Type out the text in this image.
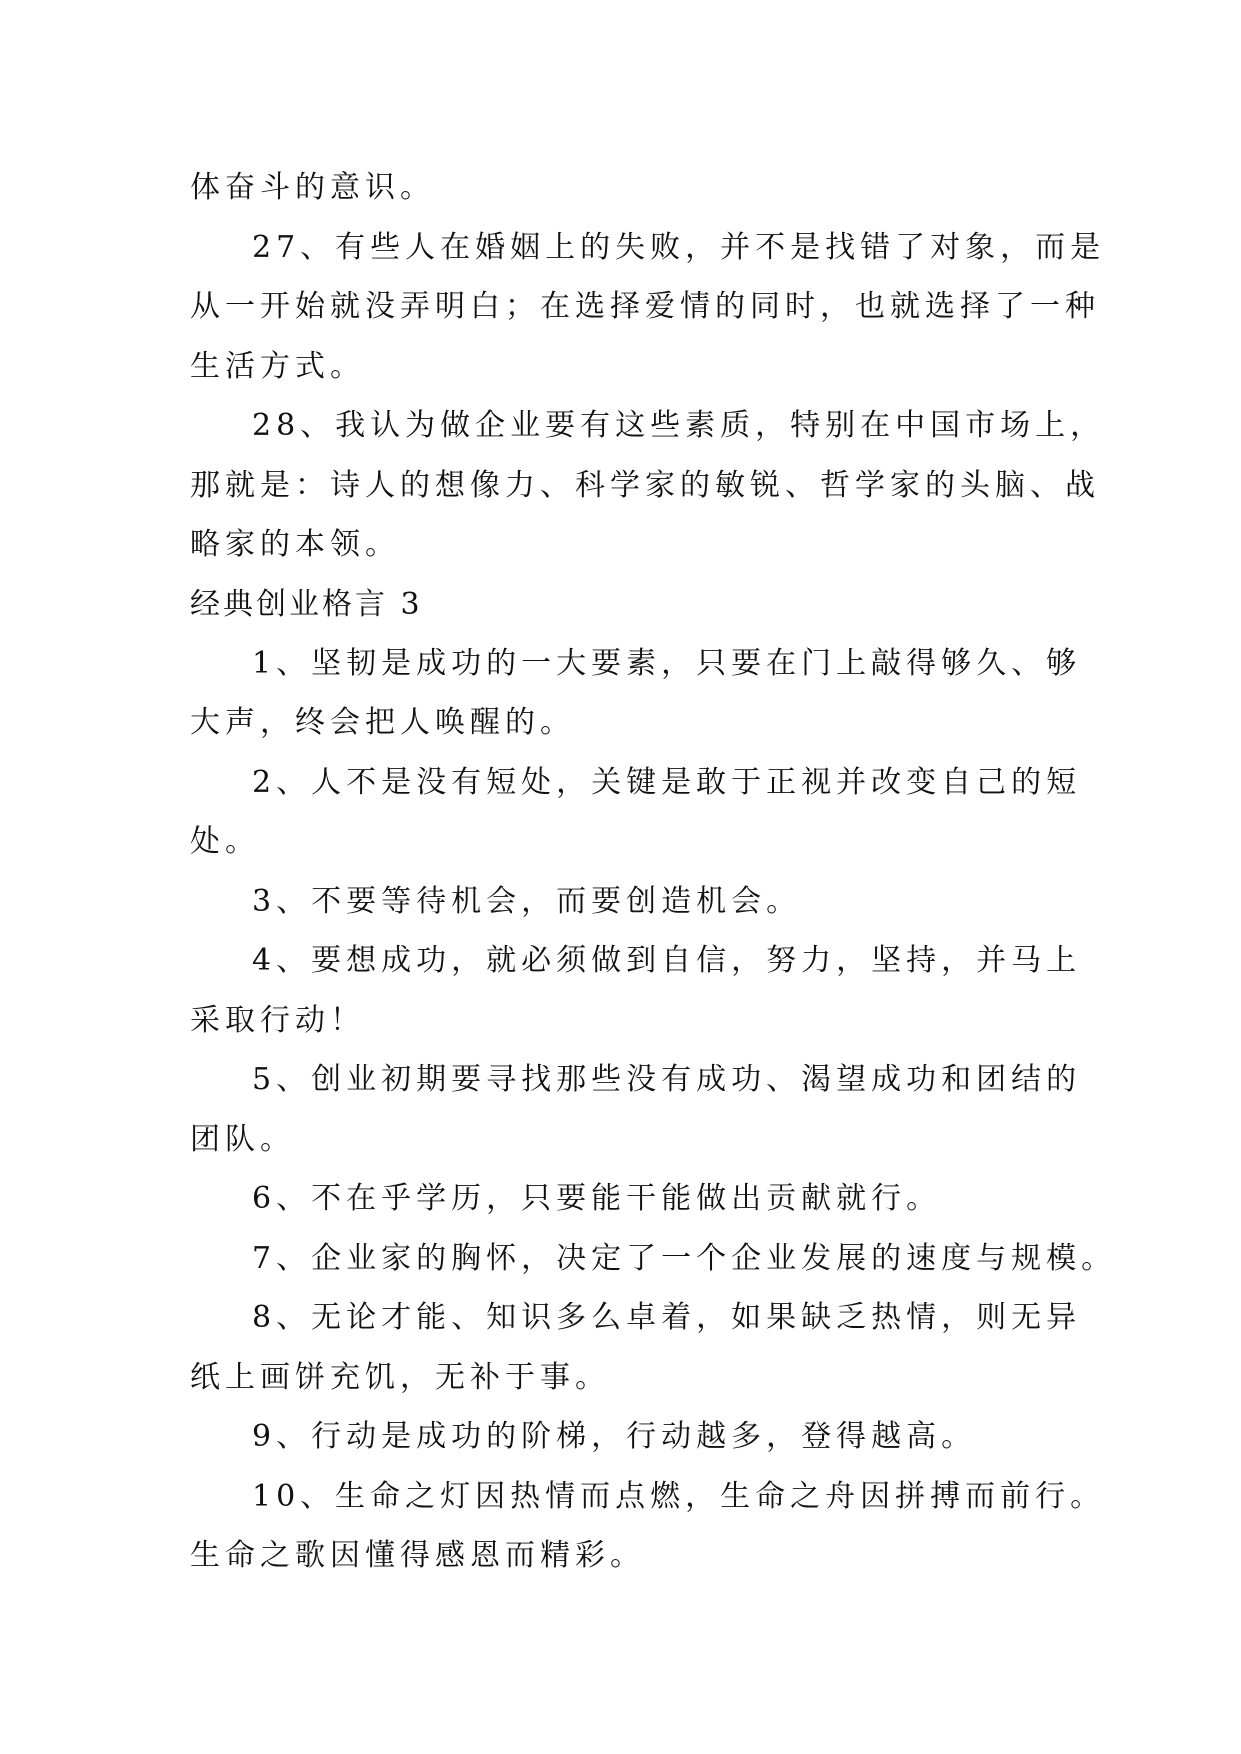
体奋斗的意识。
27、有些人在婚姻上的失败，并不是找错了对象，而是
从一开始就没弄明白；在选择爱情的同时，也就选择了一种
生活方式。
28、我认为做企业要有这些素质，特别在中国市场上，
那就是：诗人的想像力、科学家的敏锐、哲学家的头脑、战
略家的本领。
经典创业格言 3
1、坚韧是成功的一大要素，只要在门上敲得够久、够
大声，终会把人唤醒的。
2、人不是没有短处，关键是敢于正视并改变自己的短
处。
3、不要等待机会，而要创造机会。
4、要想成功，就必须做到自信，努力，坚持，并马上
采取行动！
5、创业初期要寻找那些没有成功、渴望成功和团结的
团队。
6、不在乎学历，只要能干能做出贡献就行。
7、企业家的胸怀，决定了一个企业发展的速度与规模。
8、无论才能、知识多么卓着，如果缺乏热情，则无异
纸上画饼充饥，无补于事。
9、行动是成功的阶梯，行动越多，登得越高。
10、生命之灯因热情而点燃，生命之舟因拼搏而前行。
生命之歌因懂得感恩而精彩。
